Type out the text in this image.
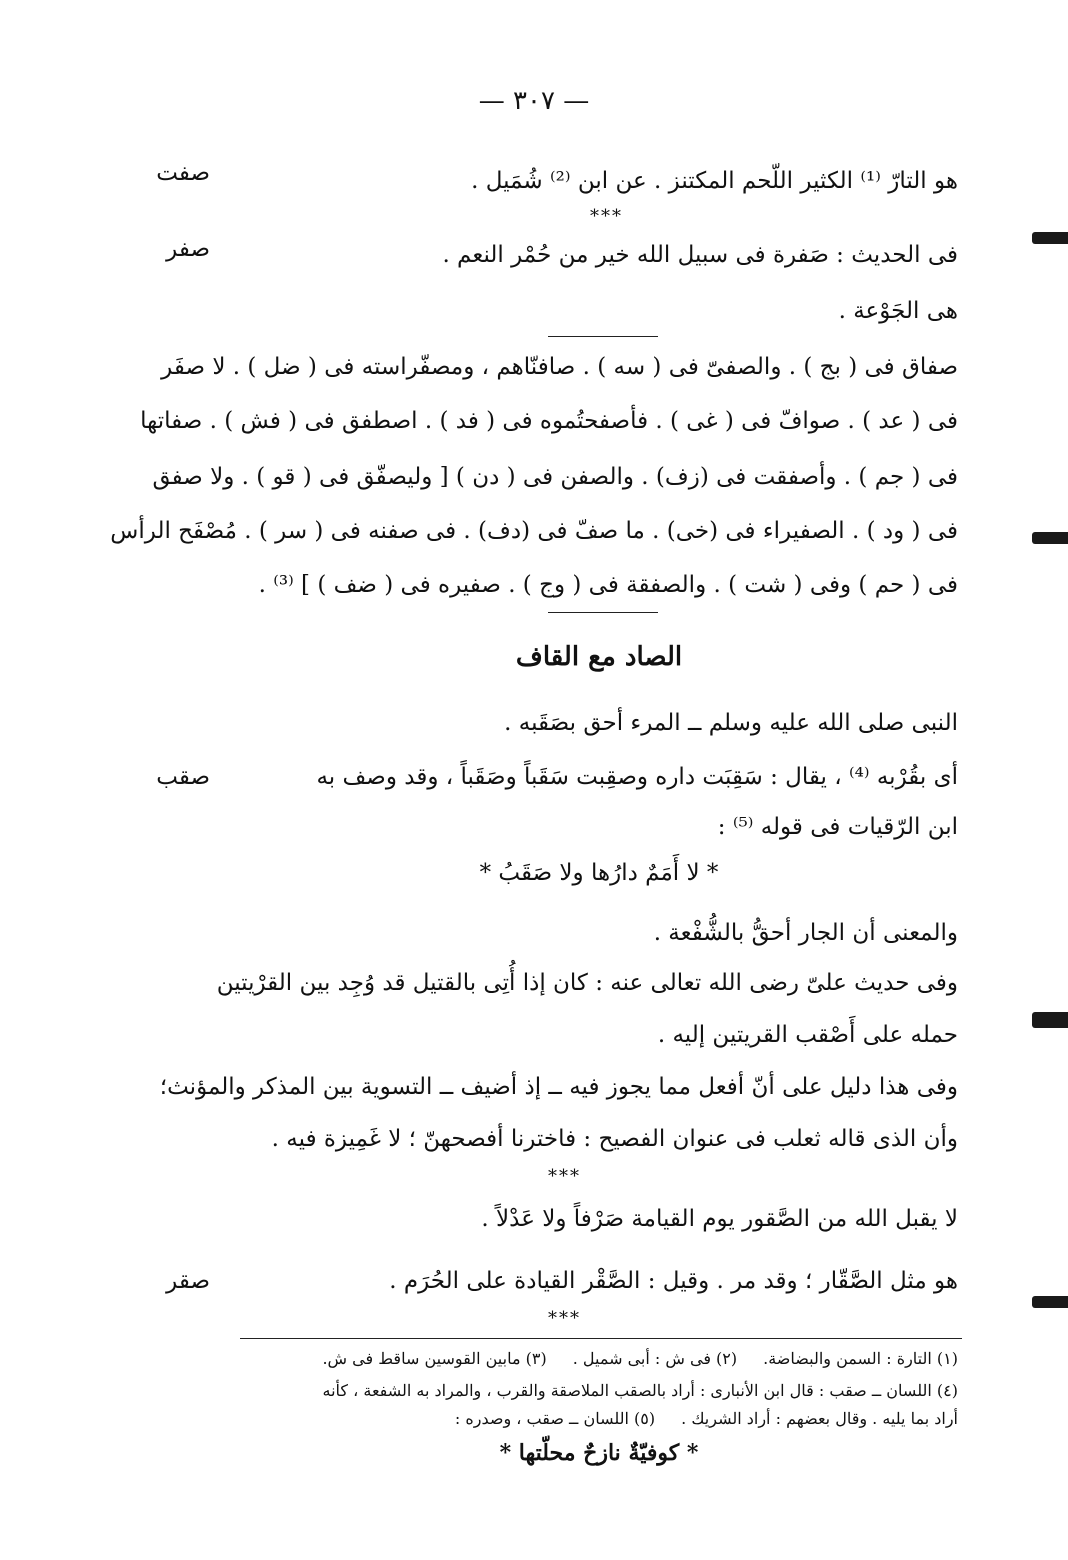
— ٣٠٧ —
صفت
صفر
صقب
صقر
هو التارّ ⁽¹⁾ الكثير اللّحم المكتنز . عن ابن ⁽²⁾ شُمَيل .
***
فى الحديث : صَفرة فى سبيل الله خير من حُمْر النعم .
هى الجَوْعة .
صفاق فى ( بج ) . والصفىّ فى ( سه ) . صافنّاهم ، ومصفّراسته فى ( ضل ) . لا صفَر
فى ( عد ) . صوافّ فى ( غى ) . فأصفحتُموه فى ( فد ) . اصطفق فى ( فش ) . صفاتها
فى ( جم ) . وأصفقت فى (زف) . والصفن فى ( دن ) [ وليصفّق فى ( قو ) . ولا صفق
فى ( ود ) . الصفيراء فى (خى) . ما صفّ فى (دف) . فى صفنه فى ( سر ) . مُصْفَح الرأس
فى ( حم ) وفى ( شت ) . والصفقة فى ( وج ) . صفيره فى ( ضف ) ] ⁽³⁾ .
الصاد مع القاف
النبى صلى الله عليه وسلم ــ المرء أحق بصَقَبه .
أى بقُرْبه ⁽⁴⁾ ، يقال : سَقِبَت داره وصقِبت سَقَباً وصَقَباً ، وقد وصف به
ابن الرّقيات فى قوله ⁽⁵⁾ :
* لا أَمَمٌ دارُها ولا صَقَبُ *
والمعنى أن الجار أحقُّ بالشُّفْعة .
وفى حديث علىّ رضى الله تعالى عنه : كان إذا أُتِى بالقتيل قد وُجِد بين القرْيتين
حمله على أَصْقب القريتين إليه .
وفى هذا دليل على أنّ أفعل مما يجوز فيه ــ إذ أضيف ــ التسوية بين المذكر والمؤنث؛
وأن الذى قاله ثعلب فى عنوان الفصيح : فاخترنا أفصحهنّ ؛ لا غَمِيزة فيه .
***
لا يقبل الله من الصَّقور يوم القيامة صَرْفاً ولا عَدْلاً .
هو مثل الصَّقّار ؛ وقد مر . وقيل : الصَّقْر القيادة على الحُرَم .
***
(١) التارة : السمن والبضاضة.
(٢) فى ش : أبى شميل .
(٣) مابين القوسين ساقط فى ش.
(٤) اللسان ــ صقب : قال ابن الأنبارى : أراد بالصقب الملاصقة والقرب ، والمراد به الشفعة ، كأنه
أراد بما يليه . وقال بعضهم : أراد الشريك .
(٥) اللسان ــ صقب ، وصدره :
* كوفيّةٌ نازحٌ محلّتها *
